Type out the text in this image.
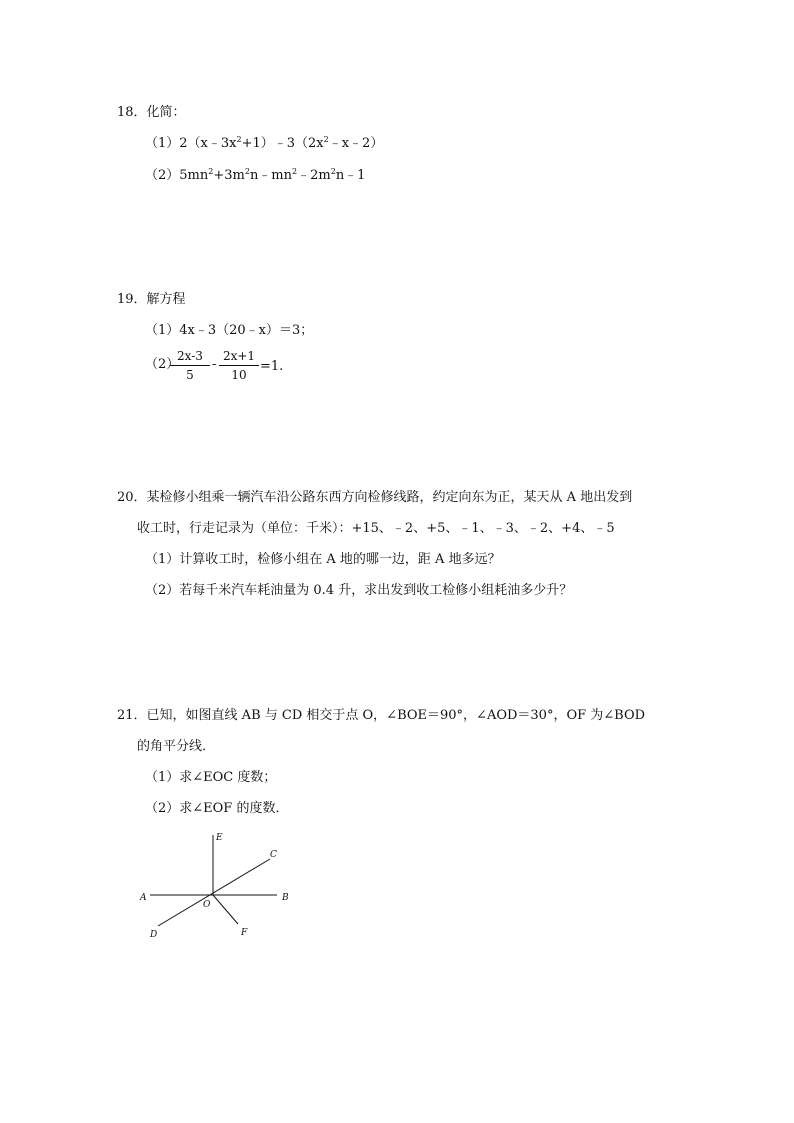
18．化简：
$(1)2(x﹣3x^2+1)﹣3(2x^2﹣x﹣2)$
$(2)5mn^2+3m^2n﹣mn^2﹣2m^2n﹣1$
19．解方程
（1）4x﹣3（20﹣x）＝3；
（2）
2x-3
5
-
2x+1
10
=1.
20．某检修小组乘一辆汽车沿公路东西方向检修线路，约定向东为正，某天从 A 地出发到
收工时，行走记录为（单位：千米）：+15、﹣2、+5、﹣1、﹣3、﹣2、+4、﹣5
（1）计算收工时，检修小组在 A 地的哪一边，距 A 地多远？
（2）若每千米汽车耗油量为 0.4 升，求出发到收工检修小组耗油多少升？
21．已知，如图直线 AB 与 CD 相交于点 O，∠BOE＝90°，∠AOD＝30°，OF 为∠BOD
的角平分线．
（1）求∠EOC 度数；
（2）求∠EOF 的度数．
A	B
C
D
E
F
O
